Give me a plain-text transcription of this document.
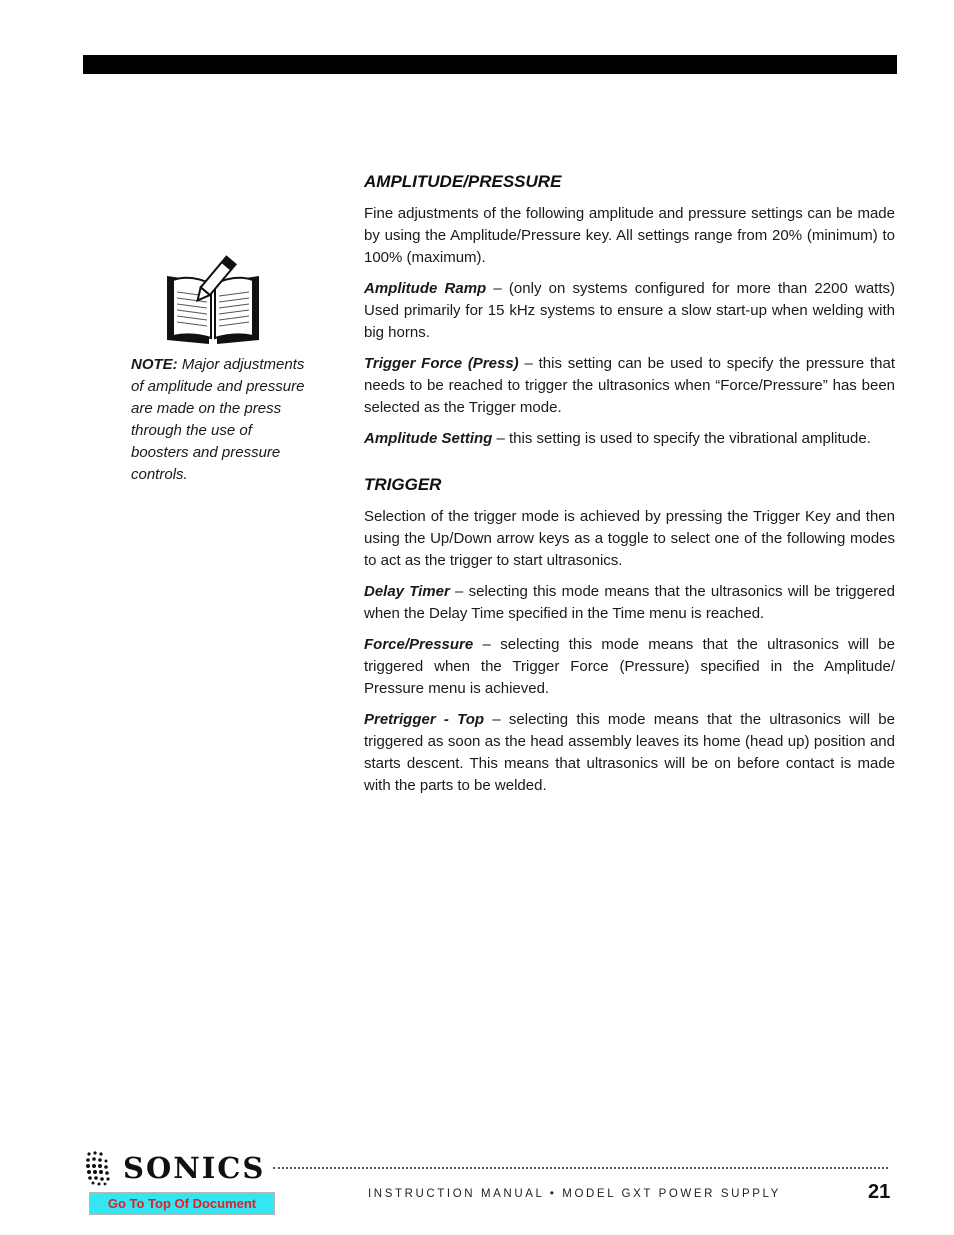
NOTE: Major adjustments of amplitude and pressure are made on the press through the use of boosters and pressure controls.
AMPLITUDE/PRESSURE

Fine adjustments of the following amplitude and pressure settings can be made by using the Amplitude/Pressure key. All settings range from 20% (minimum) to 100% (maximum).

Amplitude Ramp – (only on systems configured for more than 2200 watts) Used primarily for 15 kHz systems to ensure a slow start-up when welding with big horns.

Trigger Force (Press) – this setting can be used to specify the pressure that needs to be reached to trigger the ultrasonics when “Force/Pressure” has been selected as the Trigger mode.

Amplitude Setting – this setting is used to specify the vibrational amplitude.

TRIGGER

Selection of the trigger mode is achieved by pressing the Trigger Key and then using the Up/Down arrow keys as a toggle to select one of the following modes to act as the trigger to start ultrasonics.

Delay Timer – selecting this mode means that the ultrasonics will be triggered when the Delay Time specified in the Time menu is reached.

Force/Pressure – selecting this mode means that the ultrasonics will be triggered when the Trigger Force (Pressure) specified in the Amplitude/ Pressure menu is achieved.

Pretrigger - Top – selecting this mode means that the ultrasonics will be triggered as soon as the head assembly leaves its home (head up) position and starts descent. This means that ultrasonics will be on before contact is made with the parts to be welded.

SONICS
INSTRUCTION MANUAL • MODEL GXT POWER SUPPLY	21
Go To Top Of Document
